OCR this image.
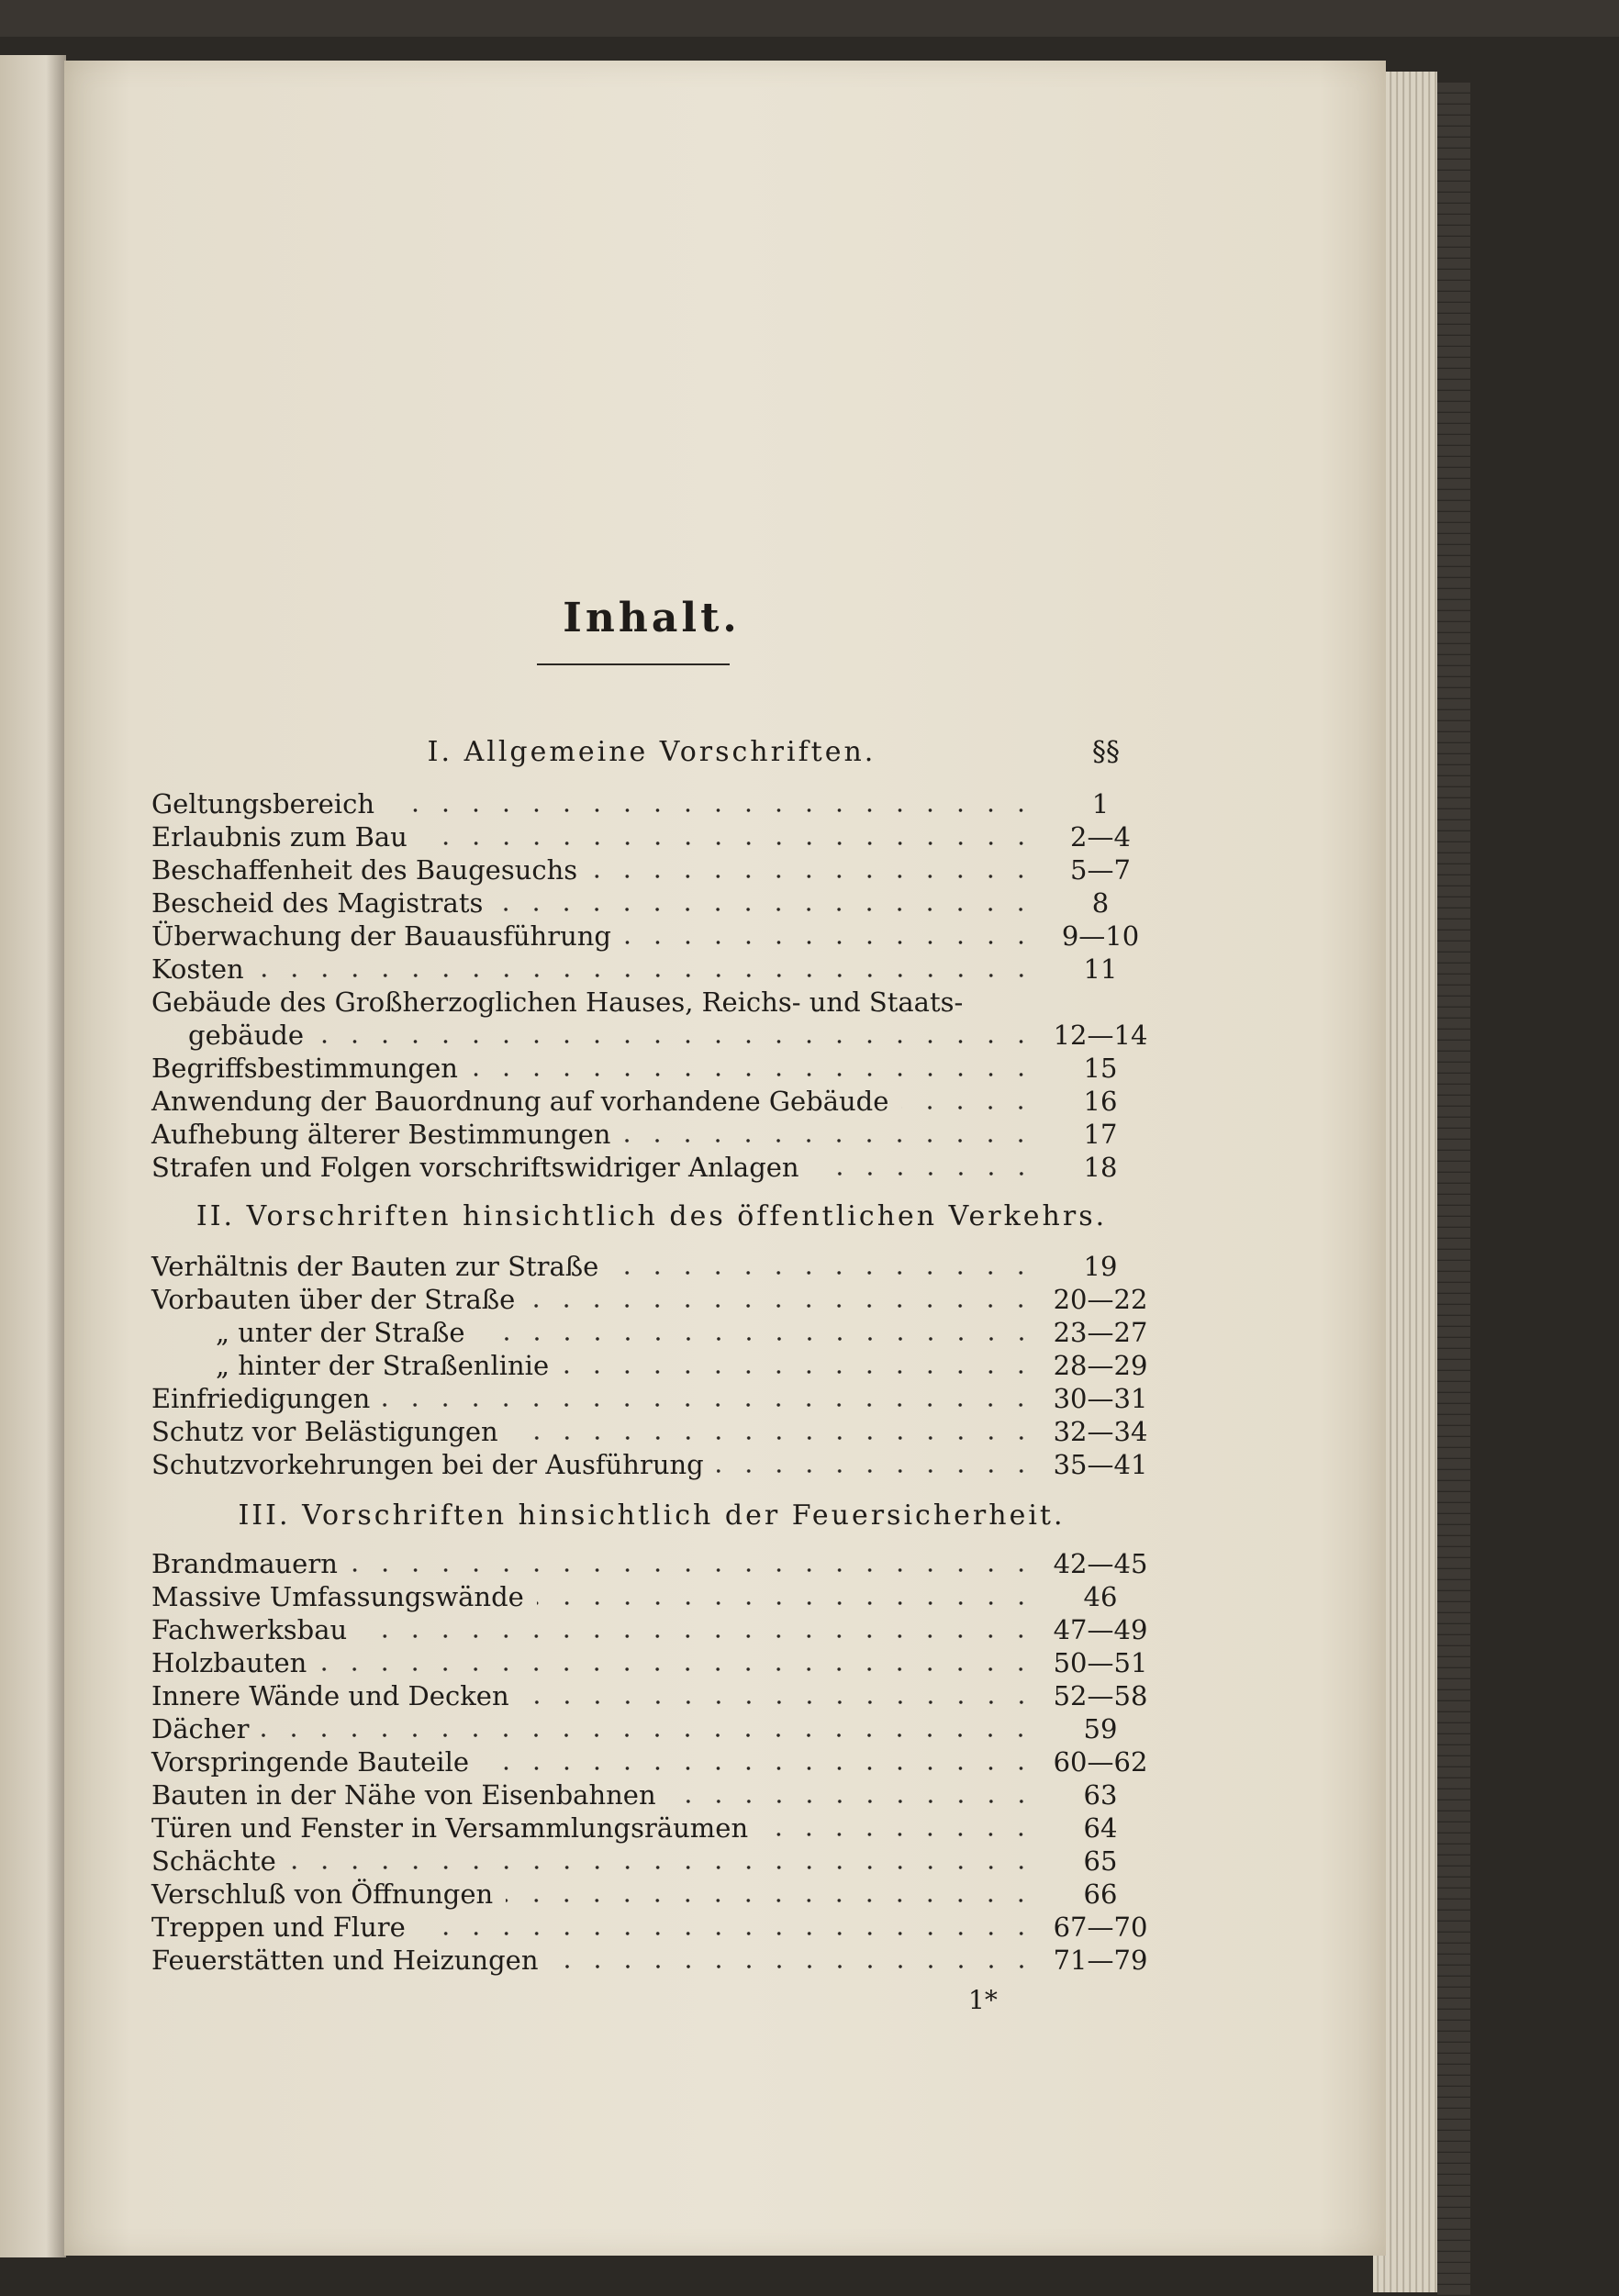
Inhalt.
I. Allgemeine Vorschriften.	§§
Geltungsbereich	1
Erlaubnis zum Bau	2—4
Beschaffenheit des Baugesuchs	5—7
Bescheid des Magistrats	8
Überwachung der Bauausführung	9—10
Kosten	11
Gebäude des Großherzoglichen Hauses, Reichs- und Staats-
gebäude	12—14
Begriffsbestimmungen	15
Anwendung der Bauordnung auf vorhandene Gebäude	16
Aufhebung älterer Bestimmungen	17
Strafen und Folgen vorschriftswidriger Anlagen	18
II. Vorschriften hinsichtlich des öffentlichen Verkehrs.
Verhältnis der Bauten zur Straße	19
Vorbauten über der Straße	20—22
„ unter der Straße	23—27
„ hinter der Straßenlinie	28—29
Einfriedigungen	30—31
Schutz vor Belästigungen	32—34
Schutzvorkehrungen bei der Ausführung	35—41
III. Vorschriften hinsichtlich der Feuersicherheit.
Brandmauern	42—45
Massive Umfassungswände	46
Fachwerksbau	47—49
Holzbauten	50—51
Innere Wände und Decken	52—58
Dächer	59
Vorspringende Bauteile	60—62
Bauten in der Nähe von Eisenbahnen	63
Türen und Fenster in Versammlungsräumen	64
Schächte	65
Verschluß von Öffnungen	66
Treppen und Flure	67—70
Feuerstätten und Heizungen	71—79
1*
